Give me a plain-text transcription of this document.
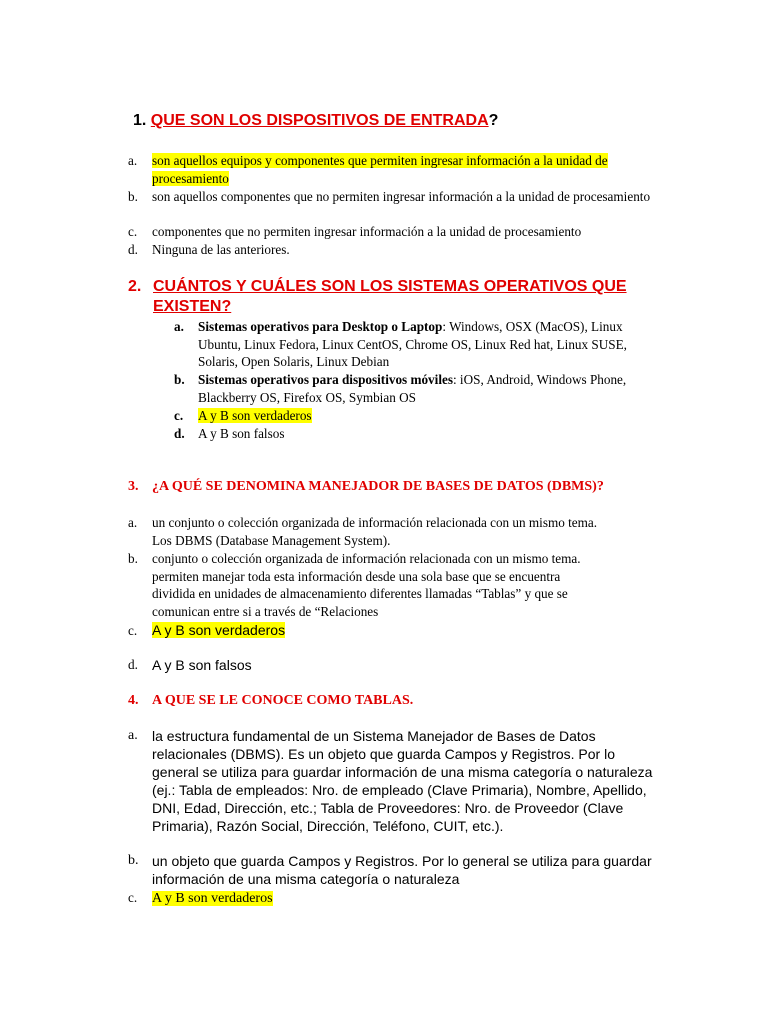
1. QUE SON LOS DISPOSITIVOS DE ENTRADA?
a. son aquellos equipos y componentes que permiten ingresar información a la unidad de procesamiento
b. son aquellos componentes que no permiten ingresar información a la unidad de procesamiento
c. componentes que no permiten ingresar información a la unidad de procesamiento
d. Ninguna de las anteriores.
2. CUÁNTOS Y CUÁLES SON LOS SISTEMAS OPERATIVOS QUE
EXISTEN?
a. Sistemas operativos para Desktop o Laptop: Windows, OSX (MacOS), Linux Ubuntu, Linux Fedora, Linux CentOS, Chrome OS, Linux Red hat, Linux SUSE, Solaris, Open Solaris, Linux Debian
b. Sistemas operativos para dispositivos móviles: iOS, Android, Windows Phone, Blackberry OS, Firefox OS, Symbian OS
c. A y B son verdaderos
d. A y B son falsos
3. ¿A QUÉ SE DENOMINA MANEJADOR DE BASES DE DATOS (DBMS)?
a. un conjunto o colección organizada de información relacionada con un mismo tema.
Los DBMS (Database Management System).
b. conjunto o colección organizada de información relacionada con un mismo tema.
permiten manejar toda esta información desde una sola base que se encuentra
dividida en unidades de almacenamiento diferentes llamadas “Tablas” y que se
comunican entre si a través de “Relaciones
c. A y B son verdaderos
d. A y B son falsos
4. A QUE SE LE CONOCE COMO TABLAS.
a. la estructura fundamental de un Sistema Manejador de Bases de Datos relacionales (DBMS). Es un objeto que guarda Campos y Registros. Por lo general se utiliza para guardar información de una misma categoría o naturaleza (ej.: Tabla de empleados: Nro. de empleado (Clave Primaria), Nombre, Apellido, DNI, Edad, Dirección, etc.; Tabla de Proveedores: Nro. de Proveedor (Clave Primaria), Razón Social, Dirección, Teléfono, CUIT, etc.).
b. un objeto que guarda Campos y Registros. Por lo general se utiliza para guardar información de una misma categoría o naturaleza
c. A y B son verdaderos
